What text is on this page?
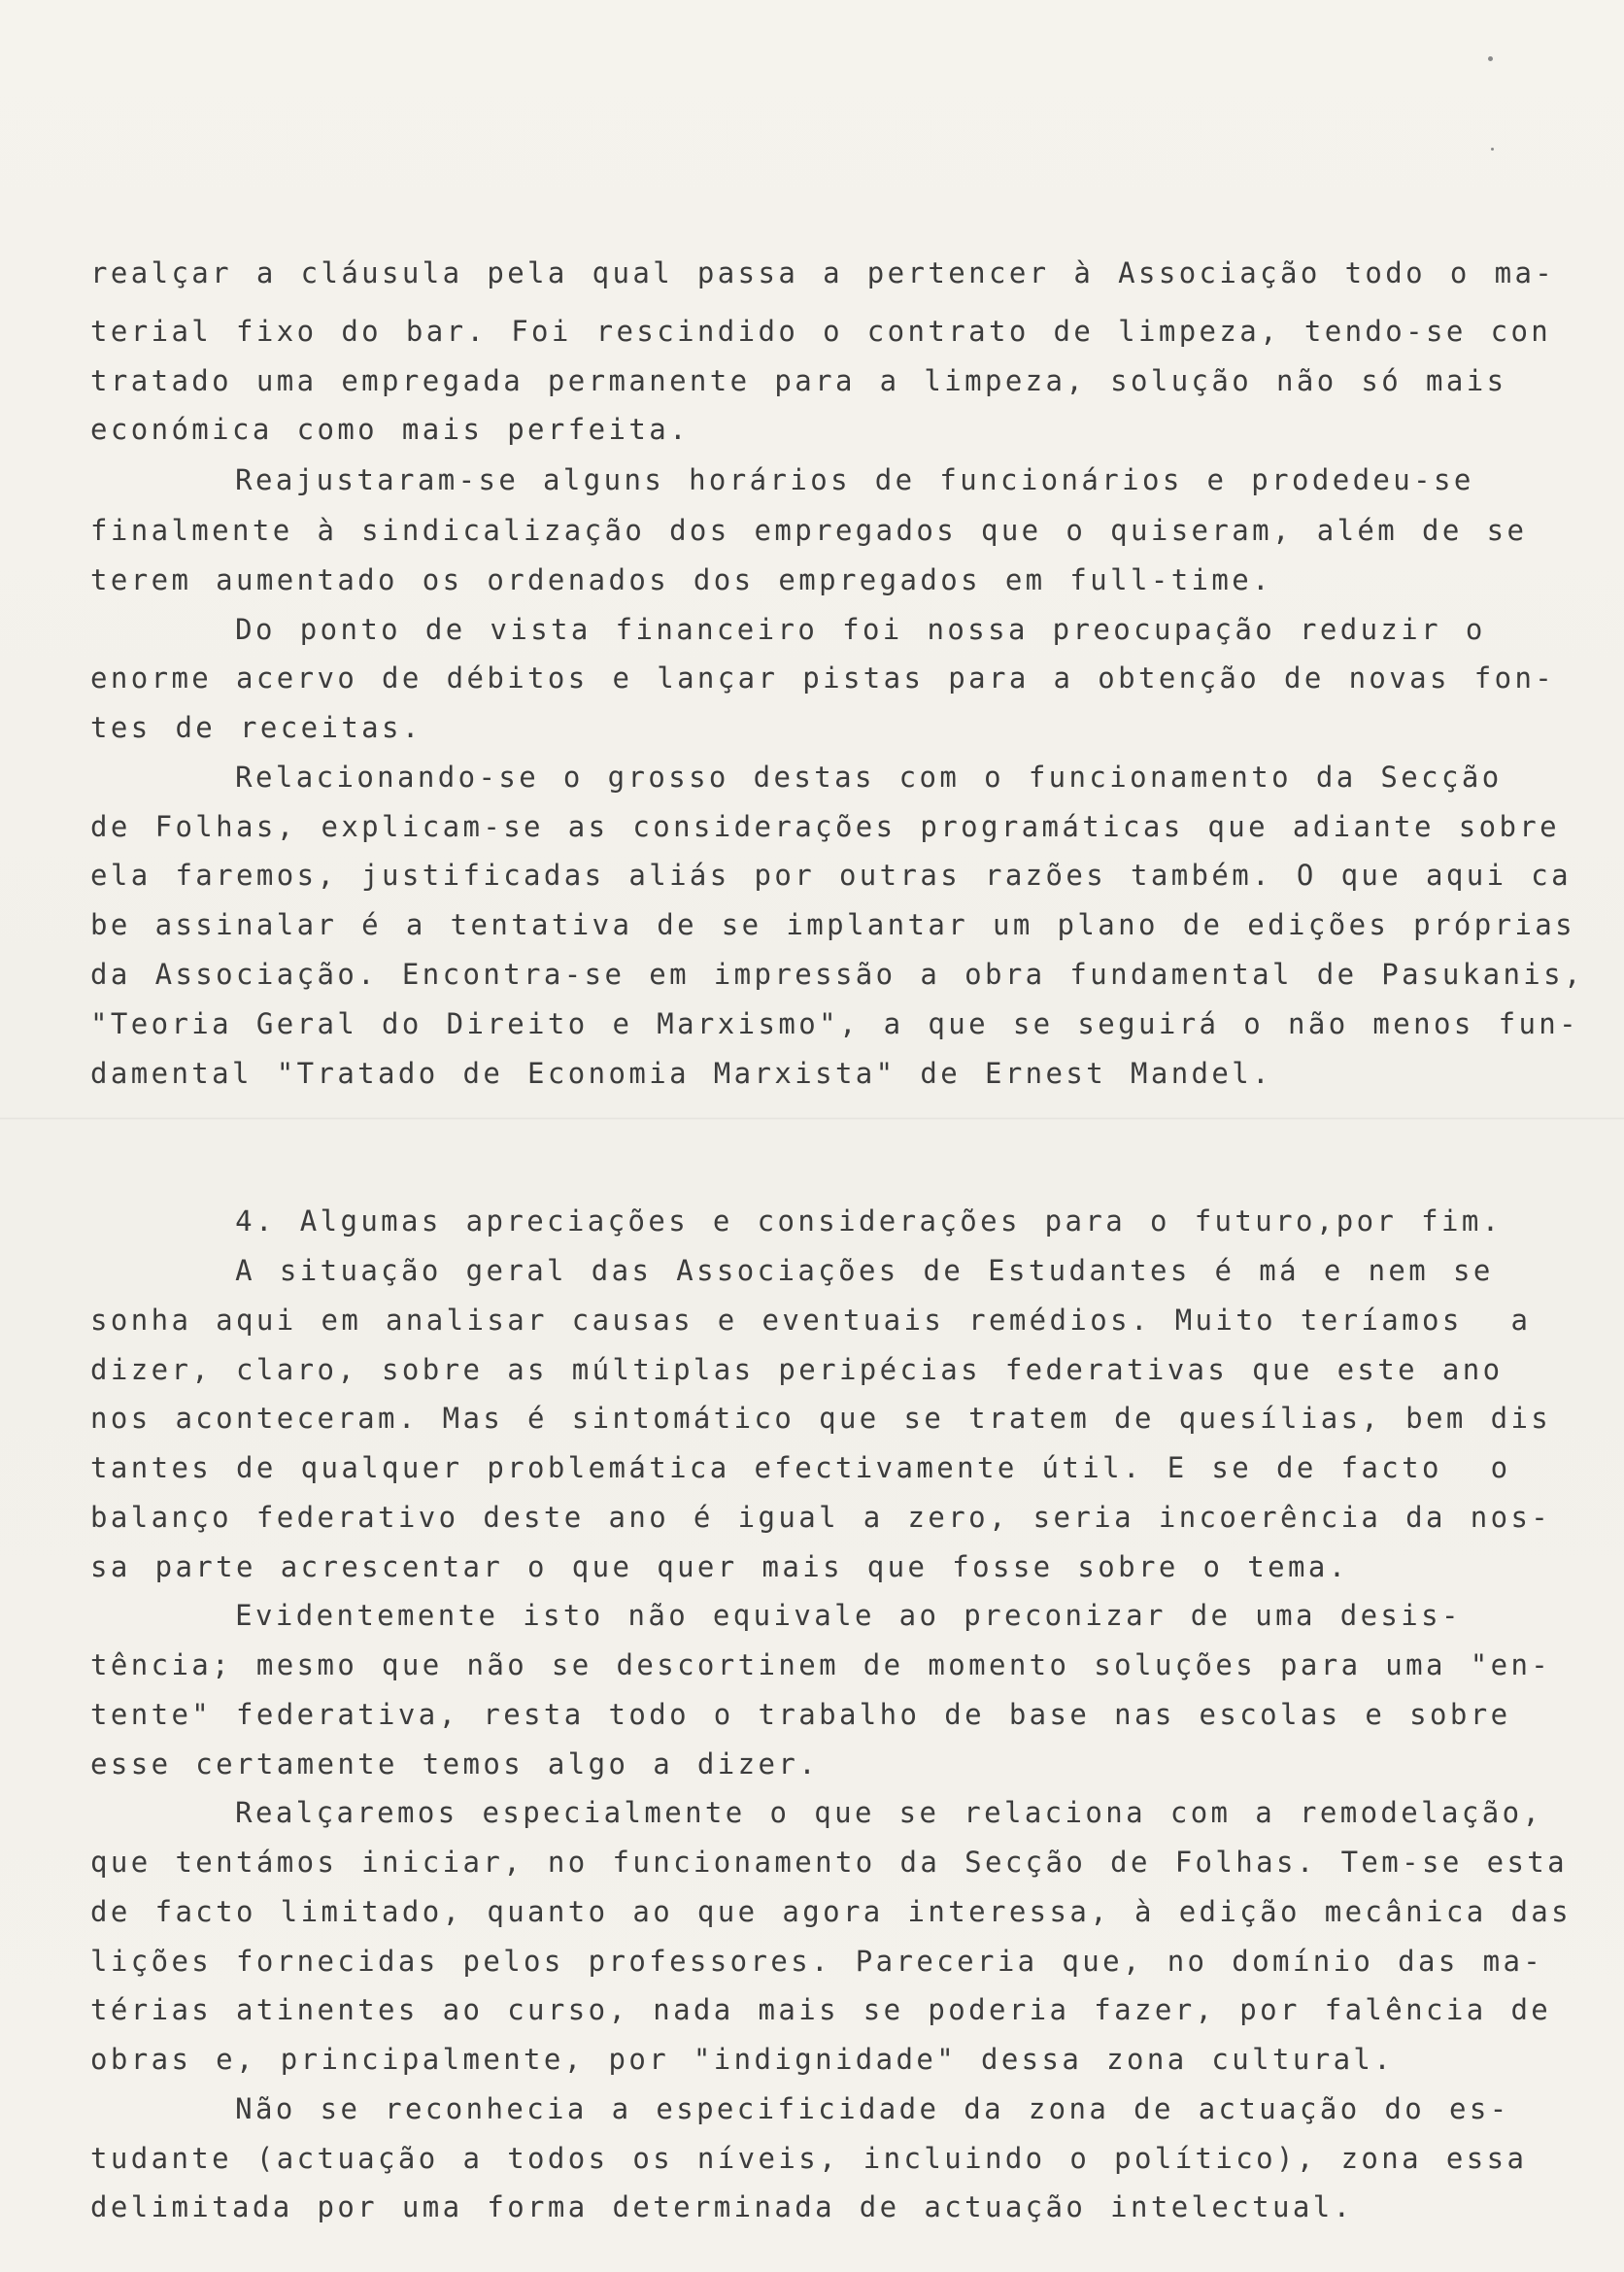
realçar a cláusula pela qual passa a pertencer à Associação todo o ma-
terial fixo do bar. Foi rescindido o contrato de limpeza, tendo-se con
tratado uma empregada permanente para a limpeza, solução não só mais
económica como mais perfeita.
Reajustaram-se alguns horários de funcionários e prodedeu-se
finalmente à sindicalização dos empregados que o quiseram, além de se
terem aumentado os ordenados dos empregados em full-time.
Do ponto de vista financeiro foi nossa preocupação reduzir o
enorme acervo de débitos e lançar pistas para a obtenção de novas fon-
tes de receitas.
Relacionando-se o grosso destas com o funcionamento da Secção
de Folhas, explicam-se as considerações programáticas que adiante sobre
ela faremos, justificadas aliás por outras razões também. O que aqui ca
be assinalar é a tentativa de se implantar um plano de edições próprias
da Associação. Encontra-se em impressão a obra fundamental de Pasukanis,
"Teoria Geral do Direito e Marxismo", a que se seguirá o não menos fun-
damental "Tratado de Economia Marxista" de Ernest Mandel.
4. Algumas apreciações e considerações para o futuro,por fim.
A situação geral das Associações de Estudantes é má e nem se
sonha aqui em analisar causas e eventuais remédios. Muito teríamos  a
dizer, claro, sobre as múltiplas peripécias federativas que este ano
nos aconteceram. Mas é sintomático que se tratem de quesílias, bem dis
tantes de qualquer problemática efectivamente útil. E se de facto  o
balanço federativo deste ano é igual a zero, seria incoerência da nos-
sa parte acrescentar o que quer mais que fosse sobre o tema.
Evidentemente isto não equivale ao preconizar de uma desis-
tência; mesmo que não se descortinem de momento soluções para uma "en-
tente" federativa, resta todo o trabalho de base nas escolas e sobre
esse certamente temos algo a dizer.
Realçaremos especialmente o que se relaciona com a remodelação,
que tentámos iniciar, no funcionamento da Secção de Folhas. Tem-se esta
de facto limitado, quanto ao que agora interessa, à edição mecânica das
lições fornecidas pelos professores. Pareceria que, no domínio das ma-
térias atinentes ao curso, nada mais se poderia fazer, por falência de
obras e, principalmente, por "indignidade" dessa zona cultural.
Não se reconhecia a especificidade da zona de actuação do es-
tudante (actuação a todos os níveis, incluindo o político), zona essa
delimitada por uma forma determinada de actuação intelectual.
